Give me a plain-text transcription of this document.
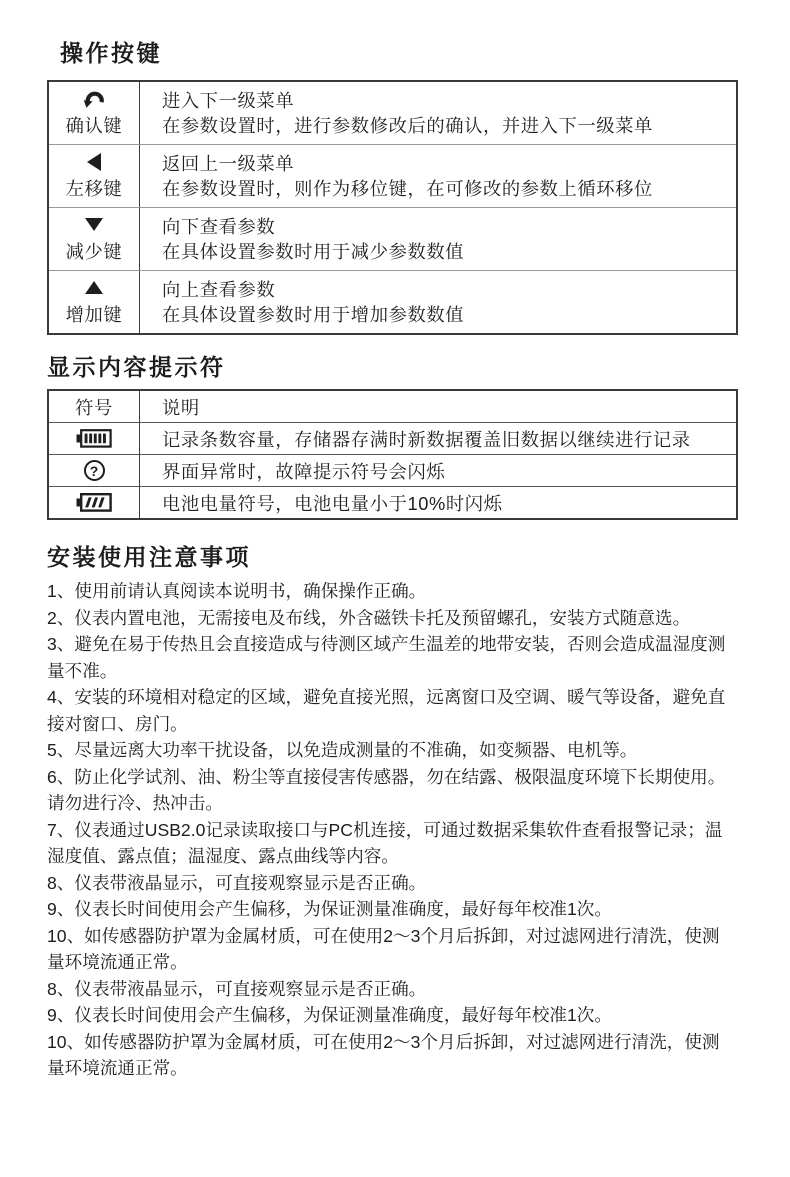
操作按键
确认键
进入下一级菜单
在参数设置时，进行参数修改后的确认，并进入下一级菜单
左移键
返回上一级菜单
在参数设置时，则作为移位键，在可修改的参数上循环移位
减少键
向下查看参数
在具体设置参数时用于减少参数数值
增加键
向上查看参数
在具体设置参数时用于增加参数数值
显示内容提示符
符号	说明
记录条数容量，存储器存满时新数据覆盖旧数据以继续进行记录
?	界面异常时，故障提示符号会闪烁
电池电量符号，电池电量小于10%时闪烁
安装使用注意事项

1、使用前请认真阅读本说明书，确保操作正确。

2、仪表内置电池，无需接电及布线，外含磁铁卡托及预留螺孔，安装方式随意选。

3、避免在易于传热且会直接造成与待测区域产生温差的地带安装，否则会造成温湿度测量不准。

4、安装的环境相对稳定的区域，避免直接光照，远离窗口及空调、暖气等设备，避免直接对窗口、房门。

5、尽量远离大功率干扰设备，以免造成测量的不准确，如变频器、电机等。

6、防止化学试剂、油、粉尘等直接侵害传感器，勿在结露、极限温度环境下长期使用。请勿进行冷、热冲击。

7、仪表通过USB2.0记录读取接口与PC机连接，可通过数据采集软件查看报警记录；温湿度值、露点值；温湿度、露点曲线等内容。

8、仪表带液晶显示，可直接观察显示是否正确。

9、仪表长时间使用会产生偏移，为保证测量准确度，最好每年校准1次。

10、如传感器防护罩为金属材质，可在使用2～3个月后拆卸，对过滤网进行清洗，使测量环境流通正常。

8、仪表带液晶显示，可直接观察显示是否正确。

9、仪表长时间使用会产生偏移，为保证测量准确度，最好每年校准1次。

10、如传感器防护罩为金属材质，可在使用2～3个月后拆卸，对过滤网进行清洗，使测量环境流通正常。
